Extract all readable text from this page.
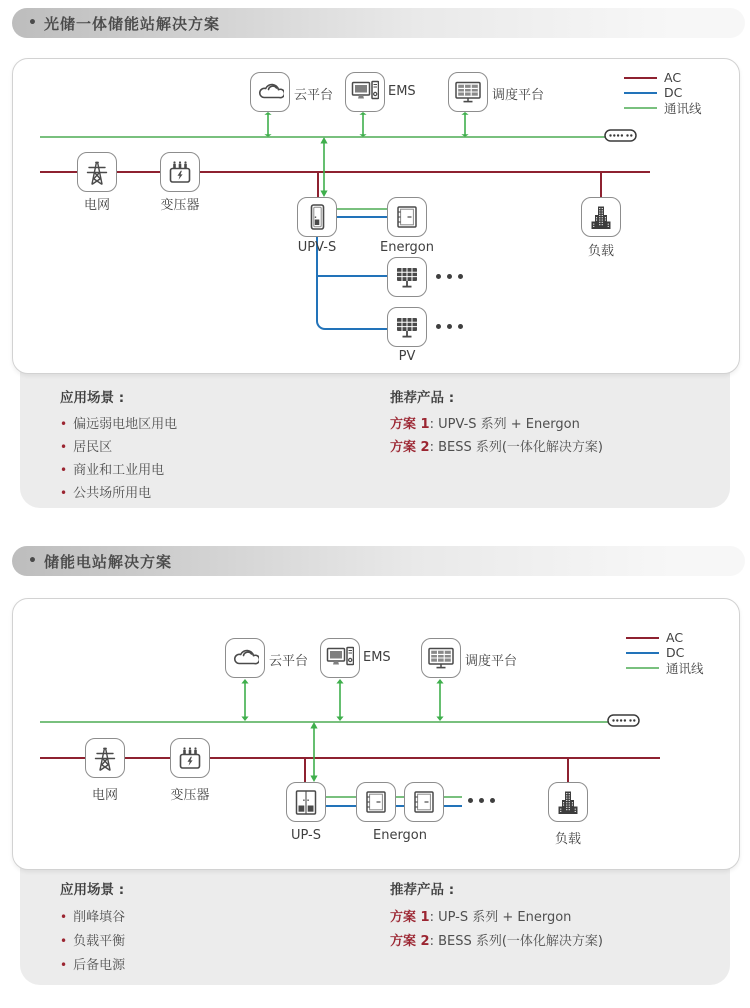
• 光储一体储能站解决方案
云平台	EMS	调度平台
AC
DC
通讯线
电网	变压器
UPV-S	Energon	负载
PV
应用场景 :
• 偏远弱电地区用电
• 居民区
• 商业和工业用电
• 公共场所用电
推荐产品 :
方案 1: UPV-S 系列 + Energon
方案 2: BESS 系列(一体化解决方案)
• 储能电站解决方案
云平台	EMS	调度平台
AC
DC
通讯线
电网	变压器
UP-S	Energon	负载
应用场景 :
• 削峰填谷
• 负载平衡
• 后备电源
推荐产品 :
方案 1: UP-S 系列 + Energon
方案 2: BESS 系列(一体化解决方案)
